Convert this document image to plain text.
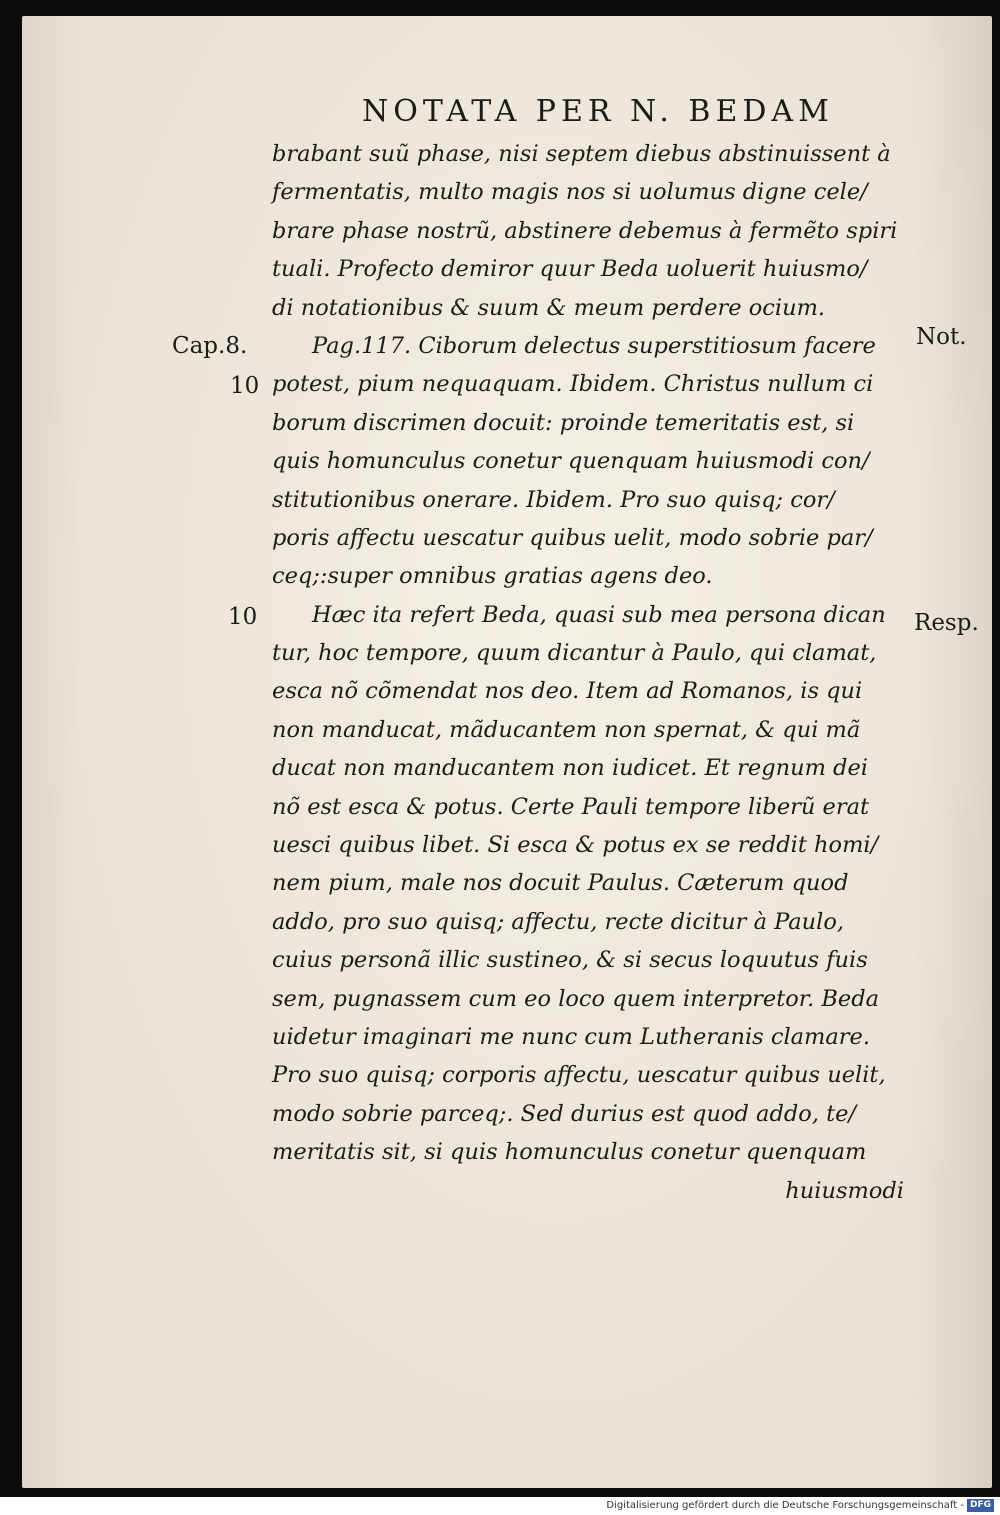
NOTATA PER N. BEDAM
brabant suũ phase, nisi septem diebus abstinuissent à
fermentatis, multo magis nos si uolumus digne cele/
brare phase nostrũ, abstinere debemus à fermẽto spiri
tuali. Profecto demiror quur Beda uoluerit huiusmo/
di notationibus & suum & meum perdere ocium.
Pag.117. Ciborum delectus superstitiosum facere
potest, pium nequaquam. Ibidem. Christus nullum ci
borum discrimen docuit: proinde temeritatis est, si
quis homunculus conetur quenquam huiusmodi con/
stitutionibus onerare. Ibidem. Pro suo quisq; cor/
poris affectu uescatur quibus uelit, modo sobrie par/
ceq;:super omnibus gratias agens deo.
Hæc ita refert Beda, quasi sub mea persona dican
tur, hoc tempore, quum dicantur à Paulo, qui clamat,
esca nõ cõmendat nos deo. Item ad Romanos, is qui
non manducat, mãducantem non spernat, & qui mã
ducat non manducantem non iudicet. Et regnum dei
nõ est esca & potus. Certe Pauli tempore liberũ erat
uesci quibus libet. Si esca & potus ex se reddit homi/
nem pium, male nos docuit Paulus. Cæterum quod
addo, pro suo quisq; affectu, recte dicitur à Paulo,
cuius personã illic sustineo, & si secus loquutus fuis
sem, pugnassem cum eo loco quem interpretor. Beda
uidetur imaginari me nunc cum Lutheranis clamare.
Pro suo quisq; corporis affectu, uescatur quibus uelit,
modo sobrie parceq;. Sed durius est quod addo, te/
meritatis sit, si quis homunculus conetur quenquam
huiusmodi
Cap.8.
10
10
Not.
Resp.
Digitalisierung gefördert durch die Deutsche Forschungsgemeinschaft - DFG
